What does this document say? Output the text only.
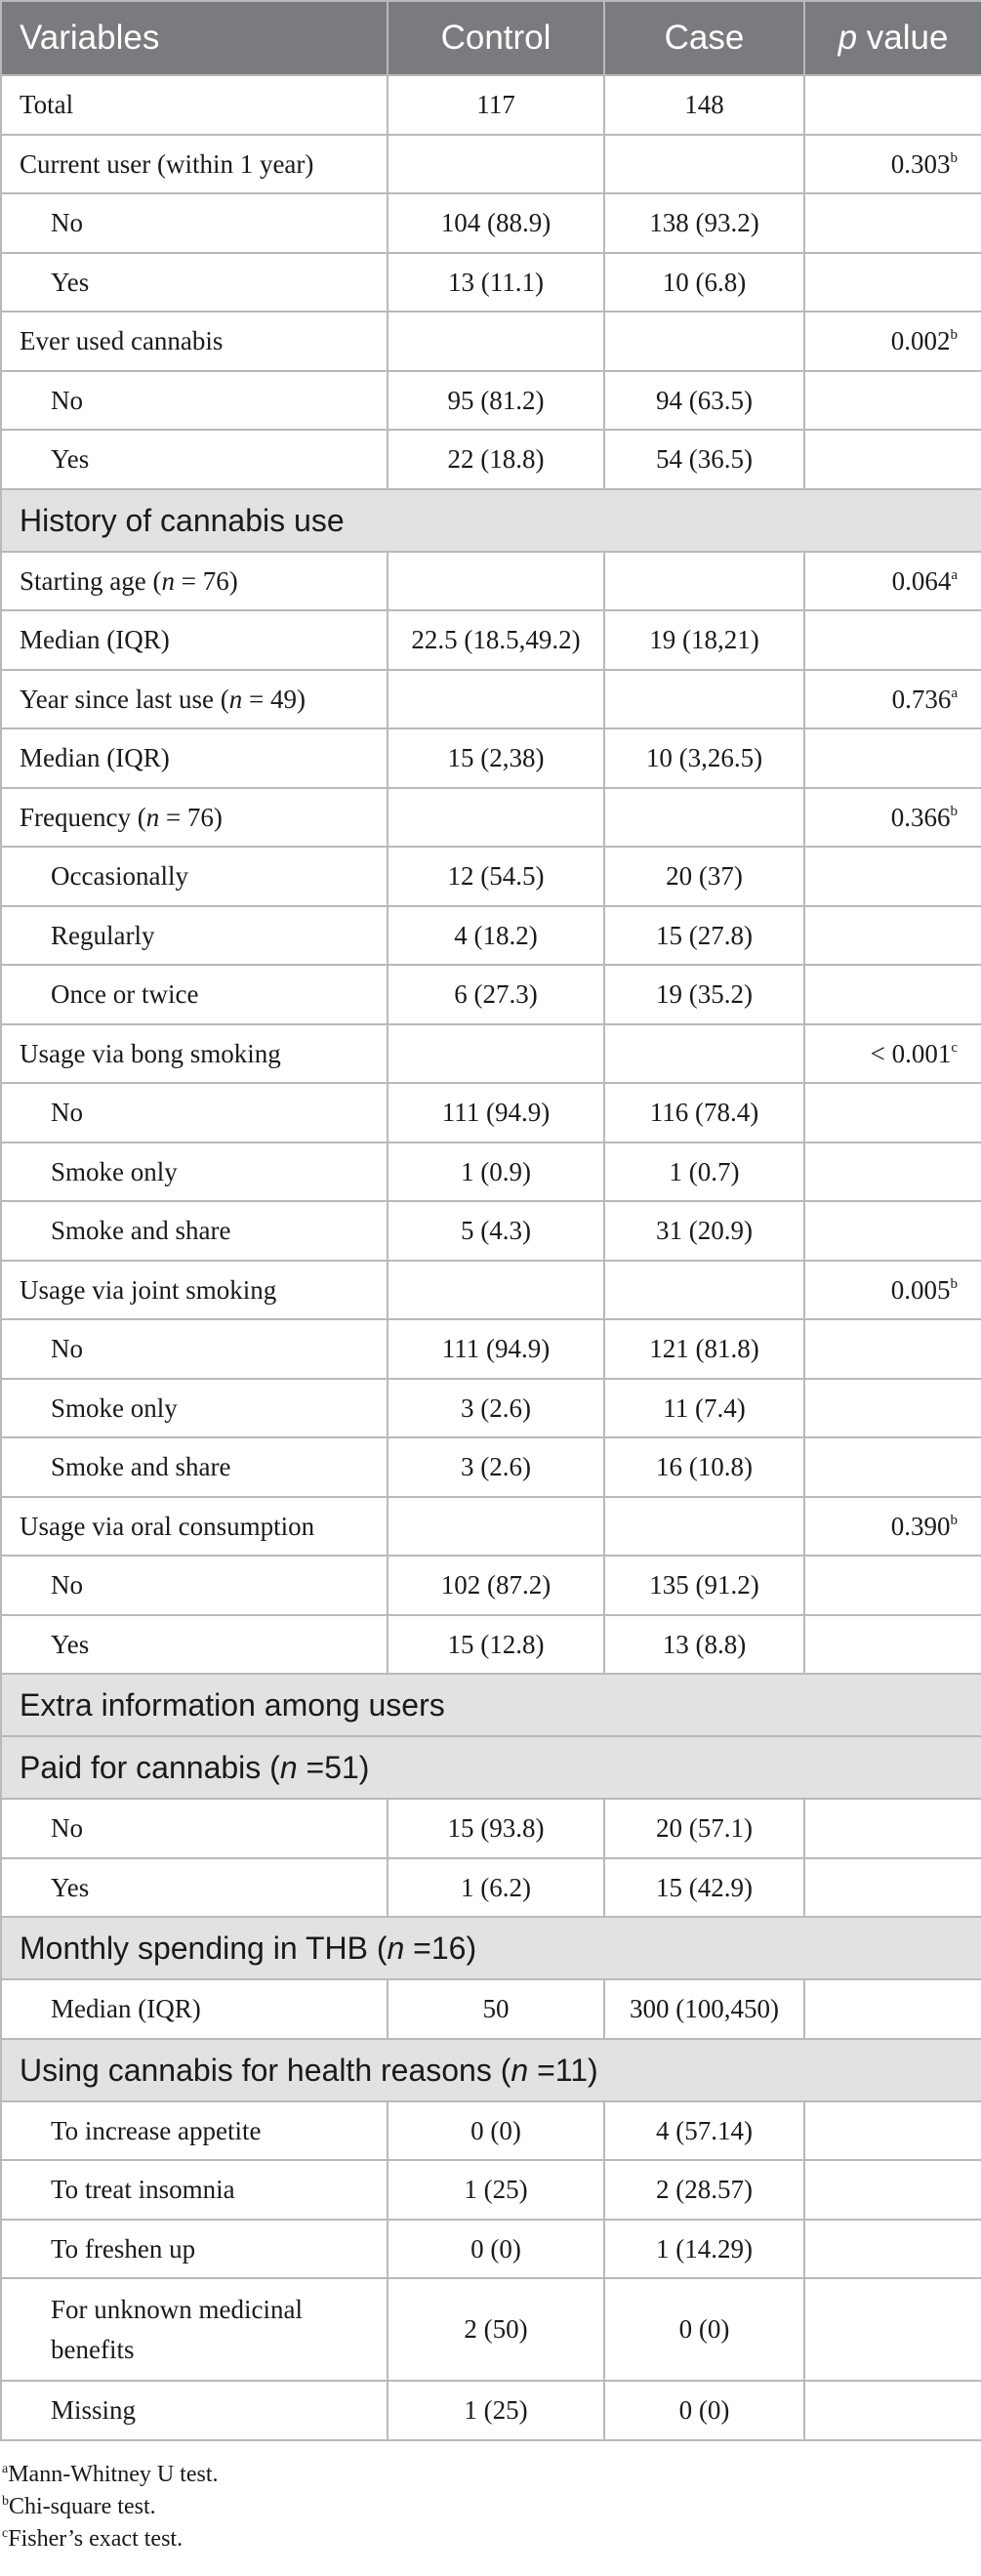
Variables	Control	Case	p value
Total	117	148	
Current user (within 1 year)			0.303$^b$
No	104 (88.9)	138 (93.2)	
Yes	13 (11.1)	10 (6.8)	
Ever used cannabis			0.002$^b$
No	95 (81.2)	94 (63.5)	
Yes	22 (18.8)	54 (36.5)	
History of cannabis use			
Starting age (n = 76)			0.064$^a$
Median (IQR)	22.5 (18.5,49.2)	19 (18,21)	
Year since last use (n = 49)			0.736$^a$
Median (IQR)	15 (2,38)	10 (3,26.5)	
Frequency (n = 76)			0.366$^b$
Occasionally	12 (54.5)	20 (37)	
Regularly	4 (18.2)	15 (27.8)	
Once or twice	6 (27.3)	19 (35.2)	
Usage via bong smoking			< 0.001$^c$
No	111 (94.9)	116 (78.4)	
Smoke only	1 (0.9)	1 (0.7)	
Smoke and share	5 (4.3)	31 (20.9)	
Usage via joint smoking			0.005$^b$
No	111 (94.9)	121 (81.8)	
Smoke only	3 (2.6)	11 (7.4)	
Smoke and share	3 (2.6)	16 (10.8)	
Usage via oral consumption			0.390$^b$
No	102 (87.2)	135 (91.2)	
Yes	15 (12.8)	13 (8.8)	
Extra information among users			
Paid for cannabis (n =51)			
No	15 (93.8)	20 (57.1)	
Yes	1 (6.2)	15 (42.9)	
Monthly spending in THB (n =16)			
Median (IQR)	50	300 (100,450)	
Using cannabis for health reasons (n =11)			
To increase appetite	0 (0)	4 (57.14)	
To treat insomnia	1 (25)	2 (28.57)	
To freshen up	0 (0)	1 (14.29)	
For unknown medicinal benefits	2 (50)	0 (0)	
Missing	1 (25)	0 (0)	
$^a$Mann-Whitney U test.
$^b$Chi-square test.
$^c$Fisher’s exact test.
